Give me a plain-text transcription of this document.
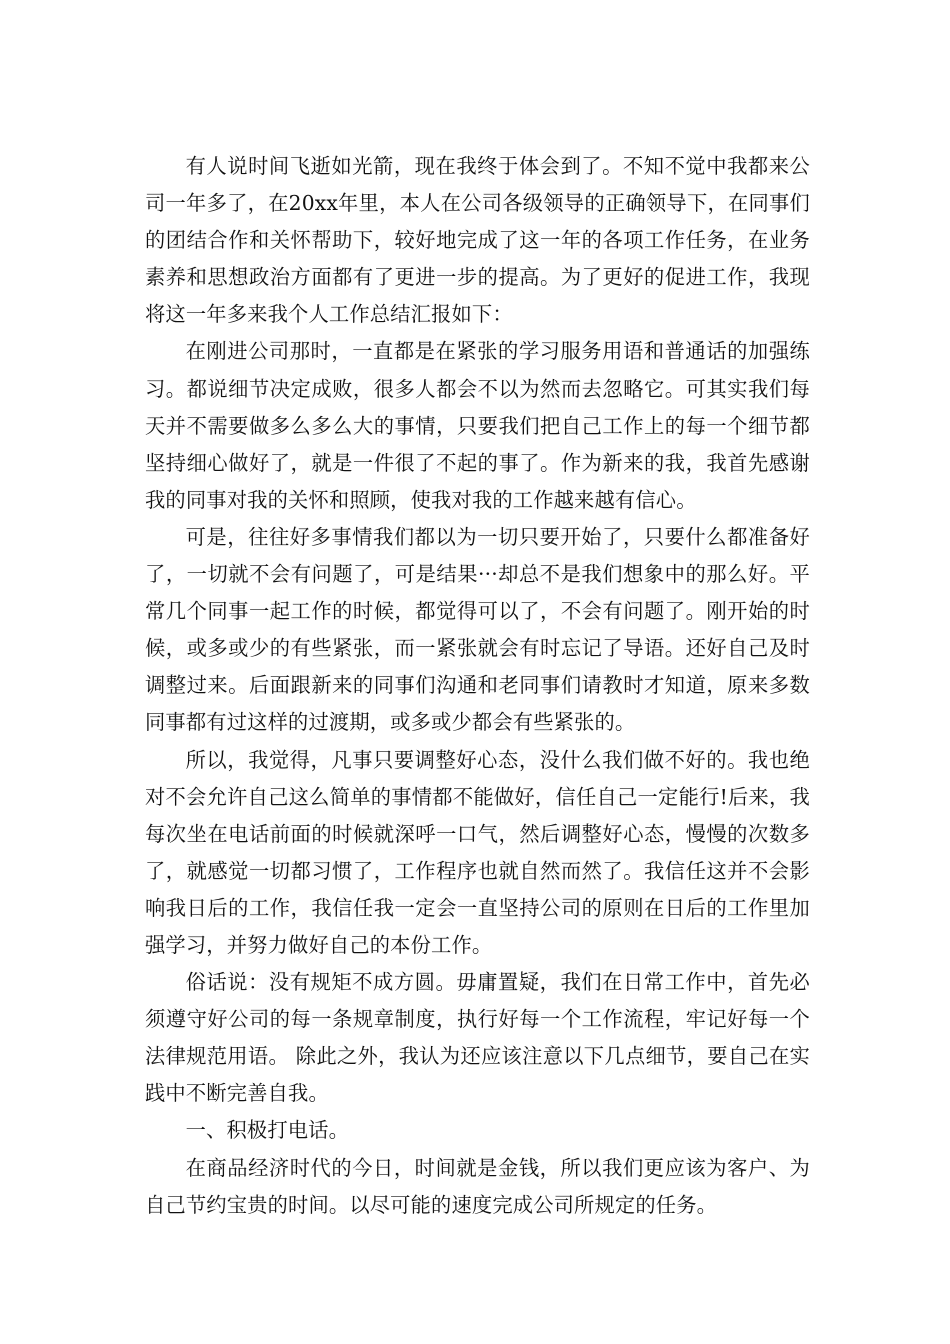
有人说时间飞逝如光箭，现在我终于体会到了。不知不觉中我都来公司一年多了，在20xx年里，本人在公司各级领导的正确领导下，在同事们的团结合作和关怀帮助下，较好地完成了这一年的各项工作任务，在业务素养和思想政治方面都有了更进一步的提高。为了更好的促进工作，我现将这一年多来我个人工作总结汇报如下：

在刚进公司那时，一直都是在紧张的学习服务用语和普通话的加强练习。都说细节决定成败，很多人都会不以为然而去忽略它。可其实我们每天并不需要做多么多么大的事情，只要我们把自己工作上的每一个细节都坚持细心做好了，就是一件很了不起的事了。作为新来的我，我首先感谢我的同事对我的关怀和照顾，使我对我的工作越来越有信心。

可是，往往好多事情我们都以为一切只要开始了，只要什么都准备好了，一切就不会有问题了，可是结果···却总不是我们想象中的那么好。平常几个同事一起工作的时候，都觉得可以了，不会有问题了。刚开始的时候，或多或少的有些紧张，而一紧张就会有时忘记了导语。还好自己及时调整过来。后面跟新来的同事们沟通和老同事们请教时才知道，原来多数同事都有过这样的过渡期，或多或少都会有些紧张的。

所以，我觉得，凡事只要调整好心态，没什么我们做不好的。我也绝对不会允许自己这么简单的事情都不能做好，信任自己一定能行!后来，我每次坐在电话前面的时候就深呼一口气，然后调整好心态，慢慢的次数多了，就感觉一切都习惯了，工作程序也就自然而然了。我信任这并不会影响我日后的工作，我信任我一定会一直坚持公司的原则在日后的工作里加强学习，并努力做好自己的本份工作。

俗话说：没有规矩不成方圆。毋庸置疑，我们在日常工作中，首先必须遵守好公司的每一条规章制度，执行好每一个工作流程，牢记好每一个法律规范用语。 除此之外，我认为还应该注意以下几点细节，要自己在实践中不断完善自我。

一、积极打电话。

在商品经济时代的今日，时间就是金钱，所以我们更应该为客户、为自己节约宝贵的时间。以尽可能的速度完成公司所规定的任务。
